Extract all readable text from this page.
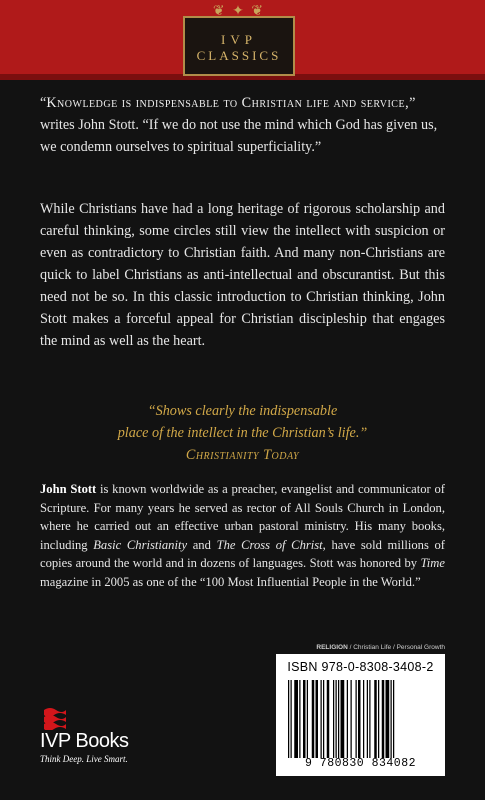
❦ ✦ ❦
IVP
CLASSICS
“Knowledge is indispensable to Christian life and service,” writes John Stott. “If we do not use the mind which God has given us, we condemn ourselves to spiritual superficiality.”
While Christians have had a long heritage of rigorous scholarship and careful thinking, some circles still view the intellect with suspicion or even as contradictory to Christian faith. And many non-Christians are quick to label Christians as anti-intellectual and obscurantist. But this need not be so. In this classic introduction to Christian thinking, John Stott makes a forceful appeal for Christian discipleship that engages the mind as well as the heart.
“Shows clearly the indispensable
place of the intellect in the Christian’s life.”
Christianity Today
John Stott is known worldwide as a preacher, evangelist and communicator of Scripture. For many years he served as rector of All Souls Church in London, where he carried out an effective urban pastoral ministry. His many books, including Basic Christianity and The Cross of Christ, have sold millions of copies around the world and in dozens of languages. Stott was honored by Time magazine in 2005 as one of the “100 Most Influential People in the World.”
RELIGION / Christian Life / Personal Growth
ISBN 978-0-8308-3408-2
9 780830 834082
IVP Books
Think Deep. Live Smart.
